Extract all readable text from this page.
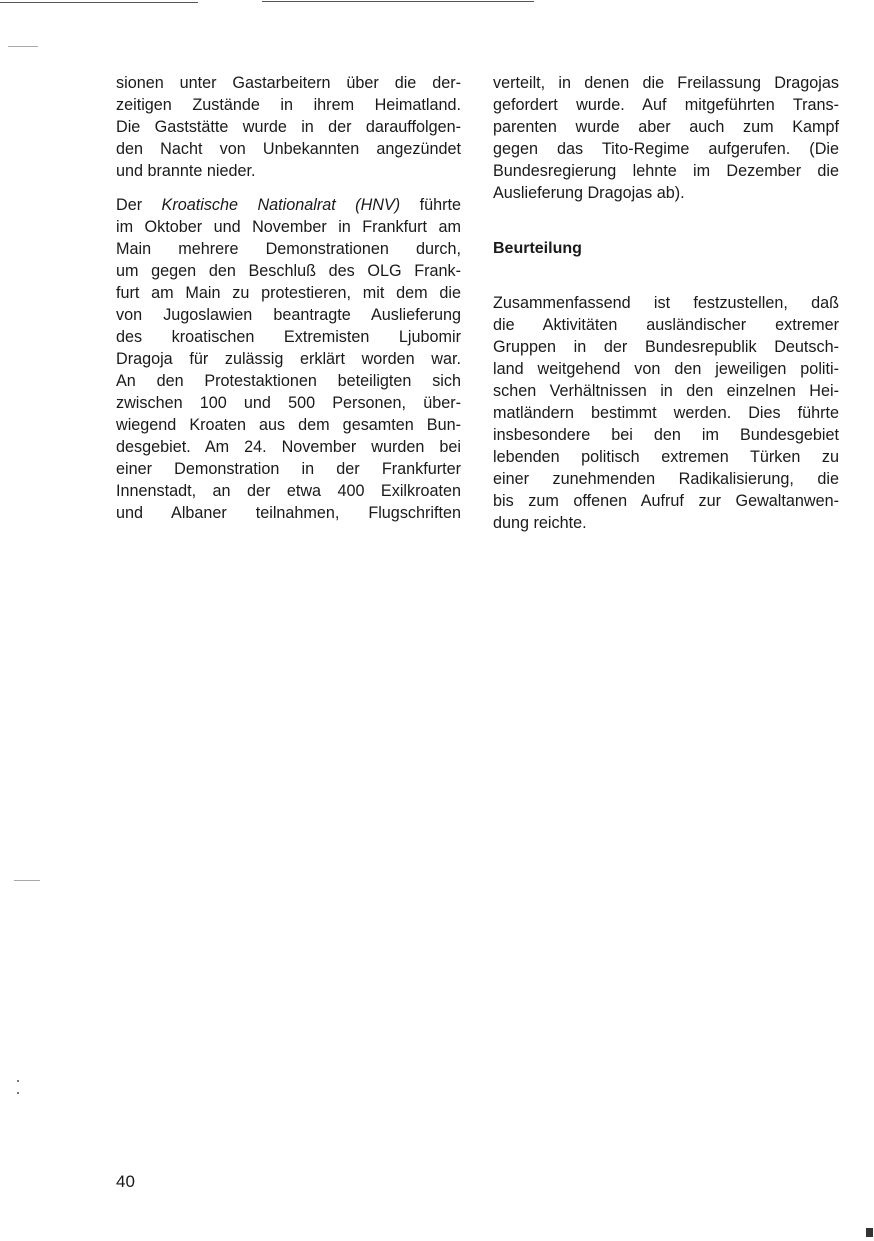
sionen unter Gastarbeitern über die der-
zeitigen Zustände in ihrem Heimatland.
Die Gaststätte wurde in der darauffolgen-
den Nacht von Unbekannten angezündet
und brannte nieder.

Der Kroatische Nationalrat (HNV) führte
im Oktober und November in Frankfurt am
Main mehrere Demonstrationen durch,
um gegen den Beschluß des OLG Frank-
furt am Main zu protestieren, mit dem die
von Jugoslawien beantragte Auslieferung
des kroatischen Extremisten Ljubomir
Dragoja für zulässig erklärt worden war.
An den Protestaktionen beteiligten sich
zwischen 100 und 500 Personen, über-
wiegend Kroaten aus dem gesamten Bun-
desgebiet. Am 24. November wurden bei
einer Demonstration in der Frankfurter
Innenstadt, an der etwa 400 Exilkroaten
und Albaner teilnahmen, Flugschriften

verteilt, in denen die Freilassung Dragojas
gefordert wurde. Auf mitgeführten Trans-
parenten wurde aber auch zum Kampf
gegen das Tito-Regime aufgerufen. (Die
Bundesregierung lehnte im Dezember die
Auslieferung Dragojas ab).

Beurteilung

Zusammenfassend ist festzustellen, daß
die Aktivitäten ausländischer extremer
Gruppen in der Bundesrepublik Deutsch-
land weitgehend von den jeweiligen politi-
schen Verhältnissen in den einzelnen Hei-
matländern bestimmt werden. Dies führte
insbesondere bei den im Bundesgebiet
lebenden politisch extremen Türken zu
einer zunehmenden Radikalisierung, die
bis zum offenen Aufruf zur Gewaltanwen-
dung reichte.

40
